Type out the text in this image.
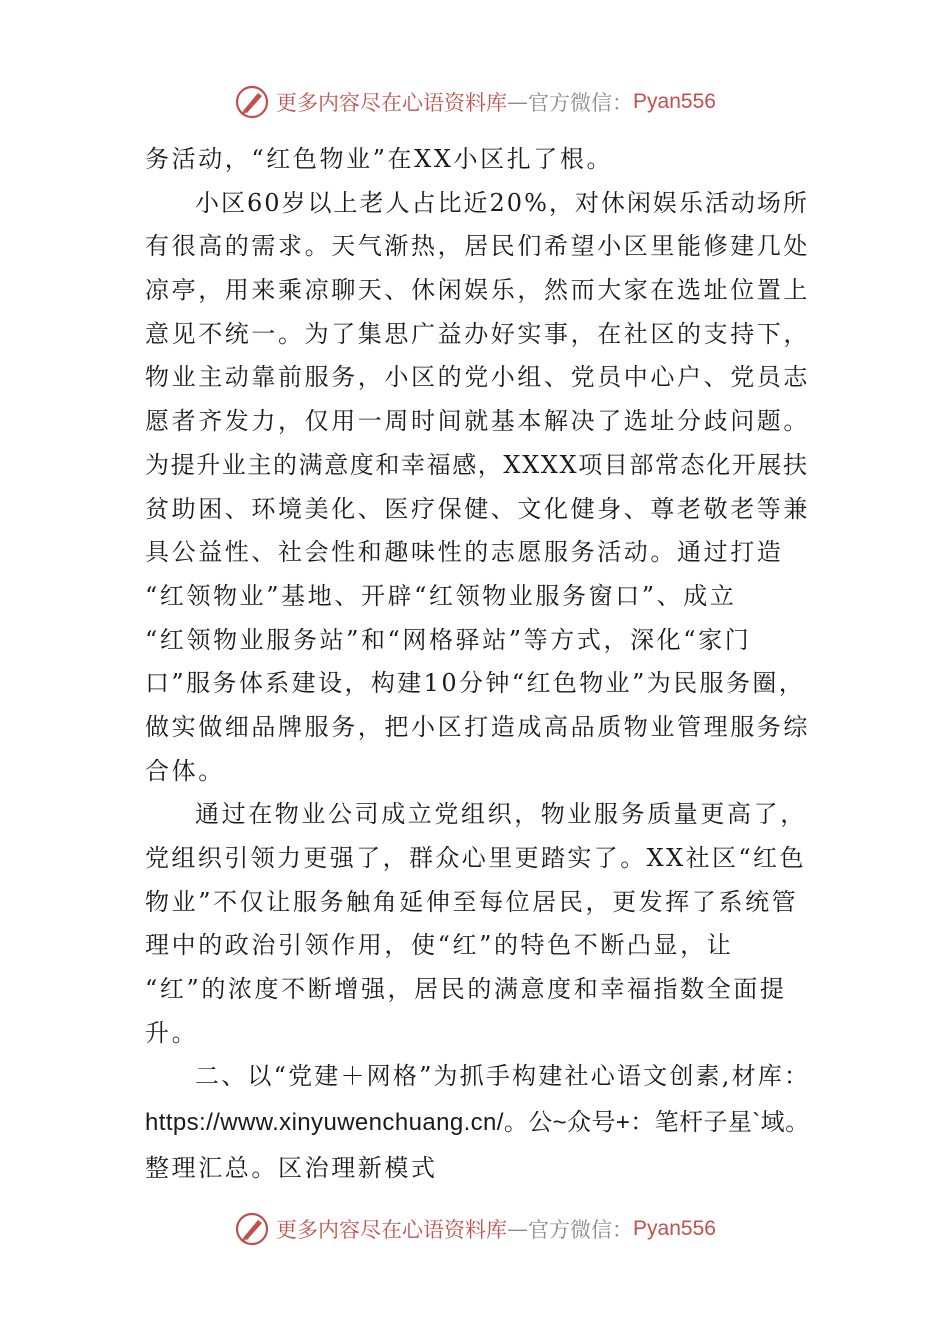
更多内容尽在心语资料库 — 官方微信： Pyan556
务活动，“红色物业”在XX小区扎了根。
小区60岁以上老人占比近20%，对休闲娱乐活动场所
有很高的需求。天气渐热，居民们希望小区里能修建几处
凉亭，用来乘凉聊天、休闲娱乐，然而大家在选址位置上
意见不统一。为了集思广益办好实事，在社区的支持下，
物业主动靠前服务，小区的党小组、党员中心户、党员志
愿者齐发力，仅用一周时间就基本解决了选址分歧问题。
为提升业主的满意度和幸福感，XXXX项目部常态化开展扶
贫助困、环境美化、医疗保健、文化健身、尊老敬老等兼
具公益性、社会性和趣味性的志愿服务活动。通过打造
“红领物业”基地、开辟“红领物业服务窗口”、成立
“红领物业服务站”和“网格驿站”等方式，深化“家门
口”服务体系建设，构建10分钟“红色物业”为民服务圈，
做实做细品牌服务，把小区打造成高品质物业管理服务综
合体。
通过在物业公司成立党组织，物业服务质量更高了，
党组织引领力更强了，群众心里更踏实了。XX社区“红色
物业”不仅让服务触角延伸至每位居民，更发挥了系统管
理中的政治引领作用，使“红”的特色不断凸显，让
“红”的浓度不断增强，居民的满意度和幸福指数全面提
升。
二、以“党建＋网格”为抓手构建社心语文创素,材库：
https://www.xinyuwenchuang.cn/。公~众号+：笔杆子星`域。
整理汇总。区治理新模式
更多内容尽在心语资料库 — 官方微信： Pyan556
